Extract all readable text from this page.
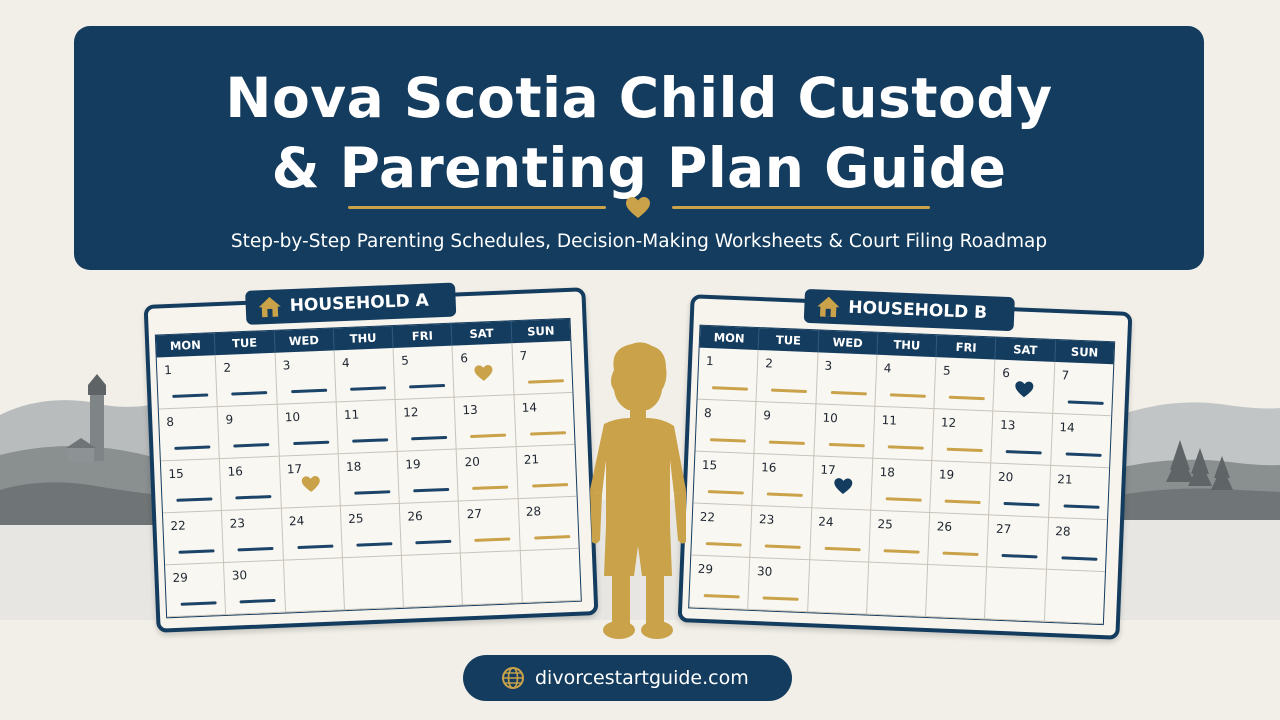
Nova Scotia Child Custody
& Parenting Plan Guide
Step-by-Step Parenting Schedules, Decision-Making Worksheets & Court Filing Roadmap
HOUSEHOLD A
MON	TUE	WED	THU	FRI	SAT	SUN
1	2	3	4	5	6	7
8	9	10	11	12	13	14
15	16	17	18	19	20	21
22	23	24	25	26	27	28
29	30
HOUSEHOLD B
MON	TUE	WED	THU	FRI	SAT	SUN
1	2	3	4	5	6	7
8	9	10	11	12	13	14
15	16	17	18	19	20	21
22	23	24	25	26	27	28
29	30
divorcestartguide.com
